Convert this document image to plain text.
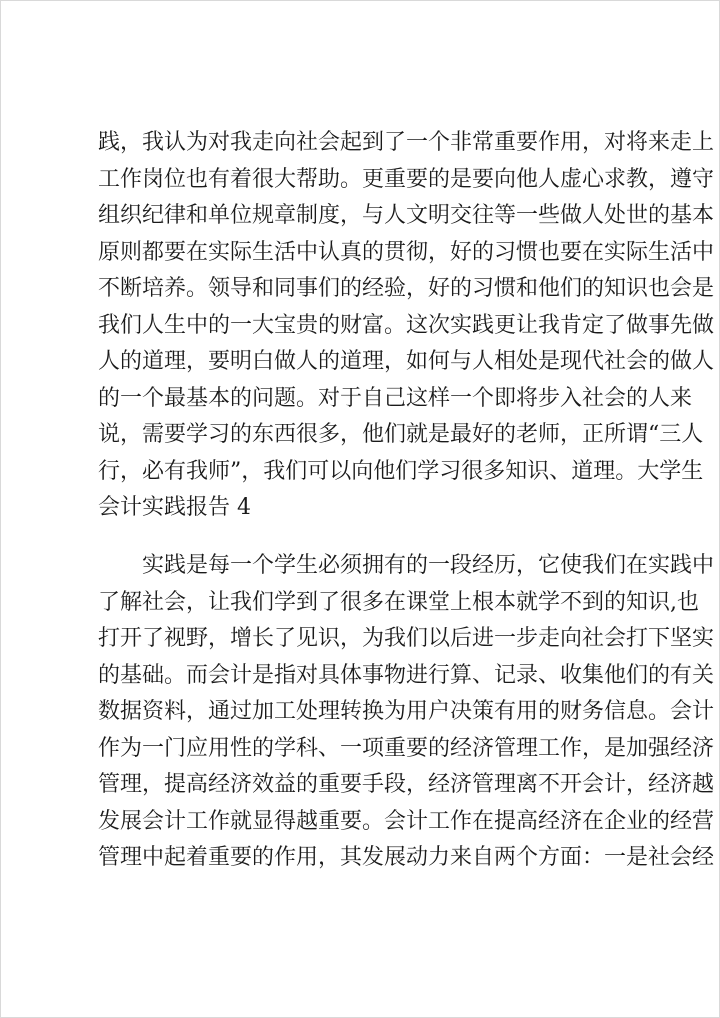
践，我认为对我走向社会起到了一个非常重要作用，对将来走上
工作岗位也有着很大帮助。更重要的是要向他人虚心求教，遵守
组织纪律和单位规章制度，与人文明交往等一些做人处世的基本
原则都要在实际生活中认真的贯彻，好的习惯也要在实际生活中
不断培养。领导和同事们的经验，好的习惯和他们的知识也会是
我们人生中的一大宝贵的财富。这次实践更让我肯定了做事先做
人的道理，要明白做人的道理，如何与人相处是现代社会的做人
的一个最基本的问题。对于自己这样一个即将步入社会的人来
说，需要学习的东西很多，他们就是最好的老师，正所谓“三人
行，必有我师”，我们可以向他们学习很多知识、道理。大学生
会计实践报告 4
实践是每一个学生必须拥有的一段经历，它使我们在实践中
了解社会，让我们学到了很多在课堂上根本就学不到的知识,也
打开了视野，增长了见识，为我们以后进一步走向社会打下坚实
的基础。而会计是指对具体事物进行算、记录、收集他们的有关
数据资料，通过加工处理转换为用户决策有用的财务信息。会计
作为一门应用性的学科、一项重要的经济管理工作，是加强经济
管理，提高经济效益的重要手段，经济管理离不开会计，经济越
发展会计工作就显得越重要。会计工作在提高经济在企业的经营
管理中起着重要的作用，其发展动力来自两个方面：一是社会经
